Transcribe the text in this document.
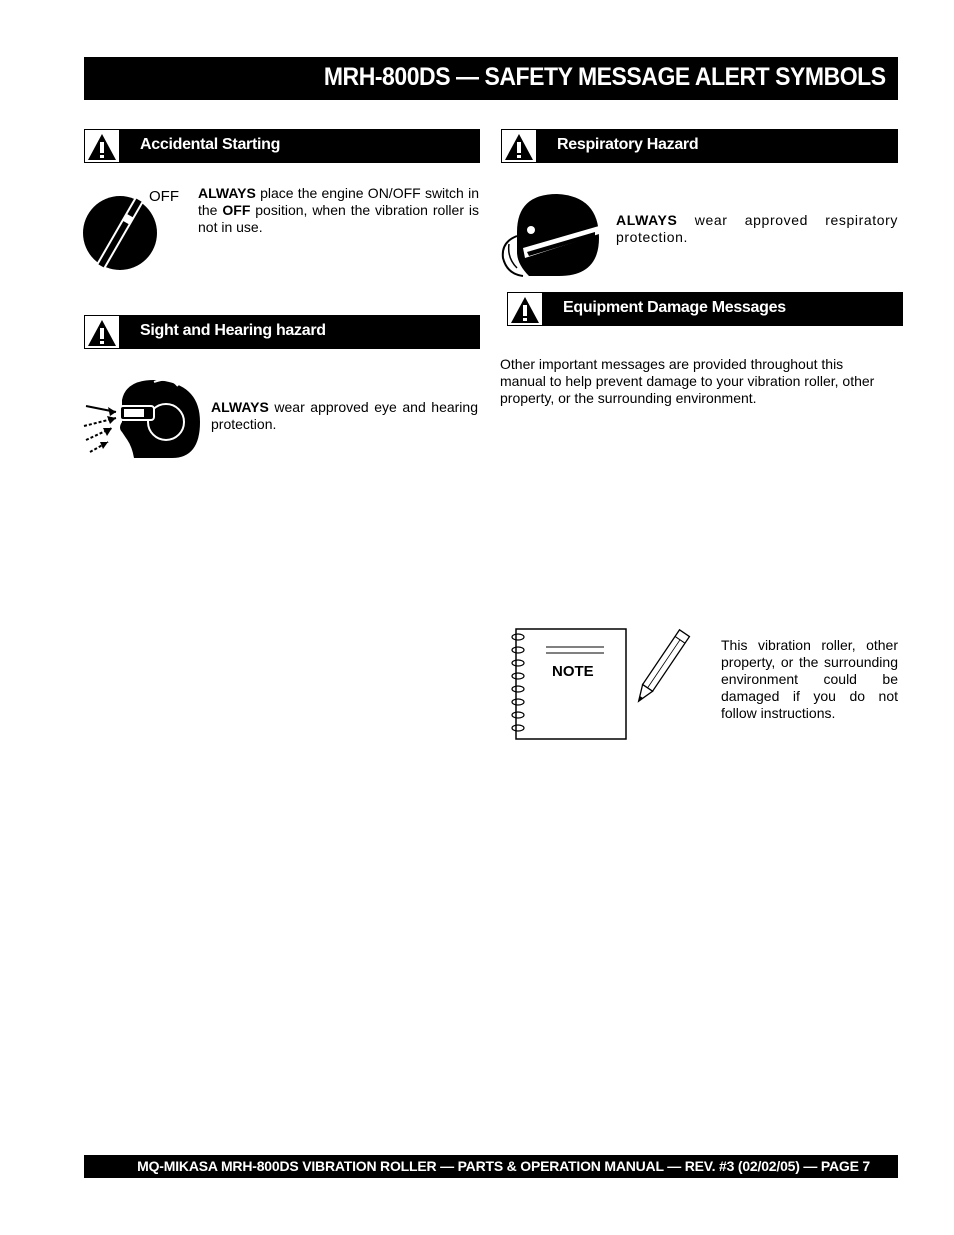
MRH-800DS — SAFETY MESSAGE ALERT SYMBOLS
Accidental Starting
OFF ALWAYS place the engine ON/OFF switch in the OFF position, when the vibration roller is not in use.
Sight and Hearing hazard
ALWAYS wear approved eye and hearing protection.
Respiratory Hazard
ALWAYS wear approved respiratory protection.
Equipment Damage Messages
Other important messages are provided throughout this manual to help prevent damage to your vibration roller, other property, or the surrounding environment.
NOTE
This vibration roller, other property, or the surrounding environment could be damaged if you do not follow instructions.
MQ-MIKASA MRH-800DS VIBRATION ROLLER — PARTS & OPERATION MANUAL — REV. #3 (02/02/05) — PAGE 7
